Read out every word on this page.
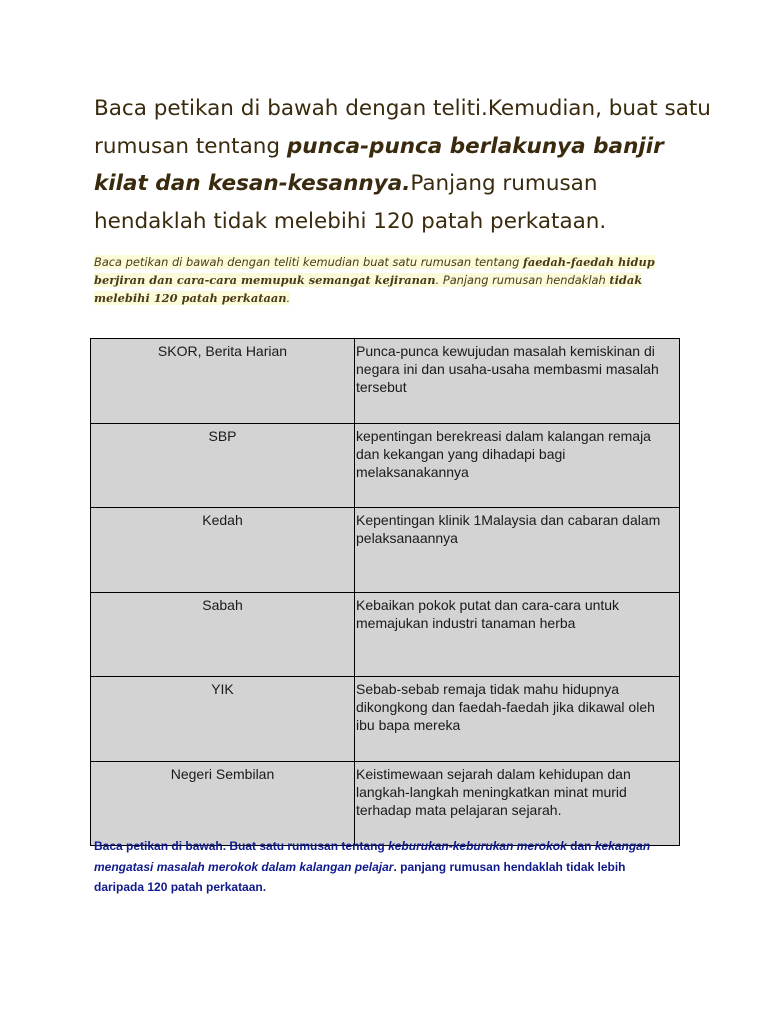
Baca petikan di bawah dengan teliti.Kemudian, buat satu rumusan tentang punca-punca berlakunya banjir kilat dan kesan-kesannya.Panjang rumusan hendaklah tidak melebihi 120 patah perkataan.

Baca petikan di bawah dengan teliti kemudian buat satu rumusan tentang faedah-faedah hidup berjiran dan cara-cara memupuk semangat kejiranan. Panjang rumusan hendaklah tidak melebihi 120 patah perkataan.

SKOR, Berita Harian	Punca-punca kewujudan masalah kemiskinan di negara ini dan usaha-usaha membasmi masalah tersebut
SBP	kepentingan berekreasi dalam kalangan remaja dan kekangan yang dihadapi bagi melaksanakannya
Kedah	Kepentingan klinik 1Malaysia dan cabaran dalam pelaksanaannya
Sabah	Kebaikan pokok putat dan cara-cara untuk memajukan industri tanaman herba
YIK	Sebab-sebab remaja tidak mahu hidupnya dikongkong dan faedah-faedah jika dikawal oleh ibu bapa mereka
Negeri Sembilan	Keistimewaan sejarah dalam kehidupan dan langkah-langkah meningkatkan minat murid terhadap mata pelajaran sejarah.

Baca petikan di bawah. Buat satu rumusan tentang keburukan-keburukan merokok dan kekangan mengatasi masalah merokok dalam kalangan pelajar. panjang rumusan hendaklah tidak lebih daripada 120 patah perkataan.
